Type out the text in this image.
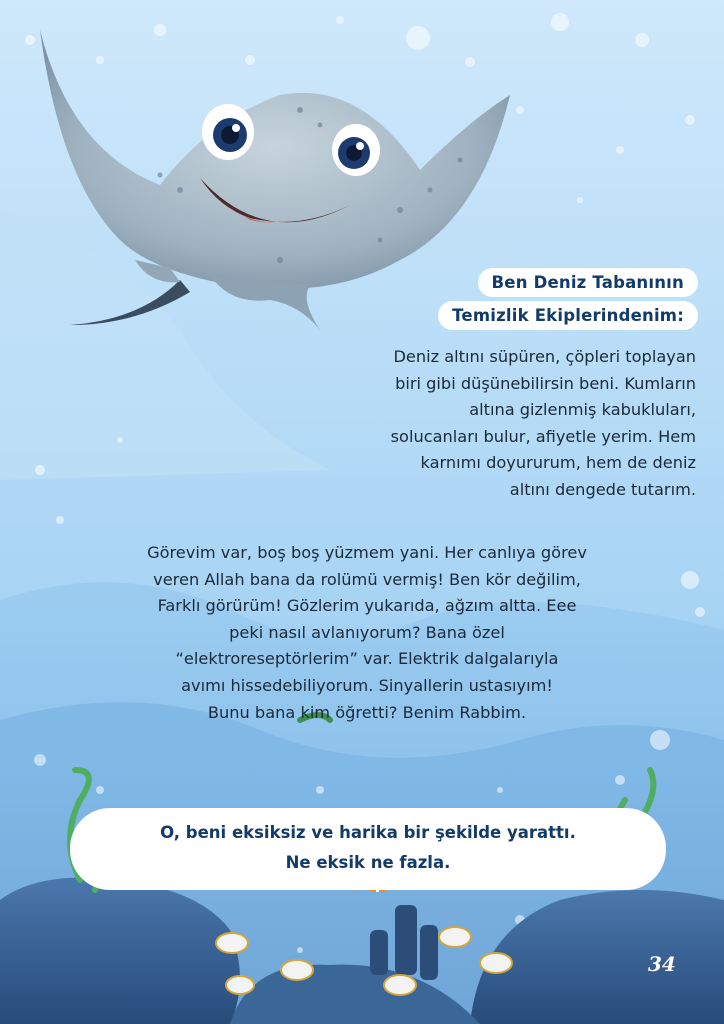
Ben Deniz Tabanının
Temizlik Ekiplerindenim:
Deniz altını süpüren, çöpleri toplayan
biri gibi düşünebilirsin beni. Kumların
altına gizlenmiş kabukluları,
solucanları bulur, afiyetle yerim. Hem
karnımı doyururum, hem de deniz
altını dengede tutarım.
Görevim var, boş boş yüzmem yani. Her canlıya görev
veren Allah bana da rolümü vermiş! Ben kör değilim,
Farklı görürüm! Gözlerim yukarıda, ağzım altta. Eee
peki nasıl avlanıyorum? Bana özel
“elektroreseptörlerim” var. Elektrik dalgalarıyla
avımı hissedebiliyorum. Sinyallerin ustasıyım!
Bunu bana kim öğretti? Benim Rabbim.
O, beni eksiksiz ve harika bir şekilde yarattı.
Ne eksik ne fazla.
34
